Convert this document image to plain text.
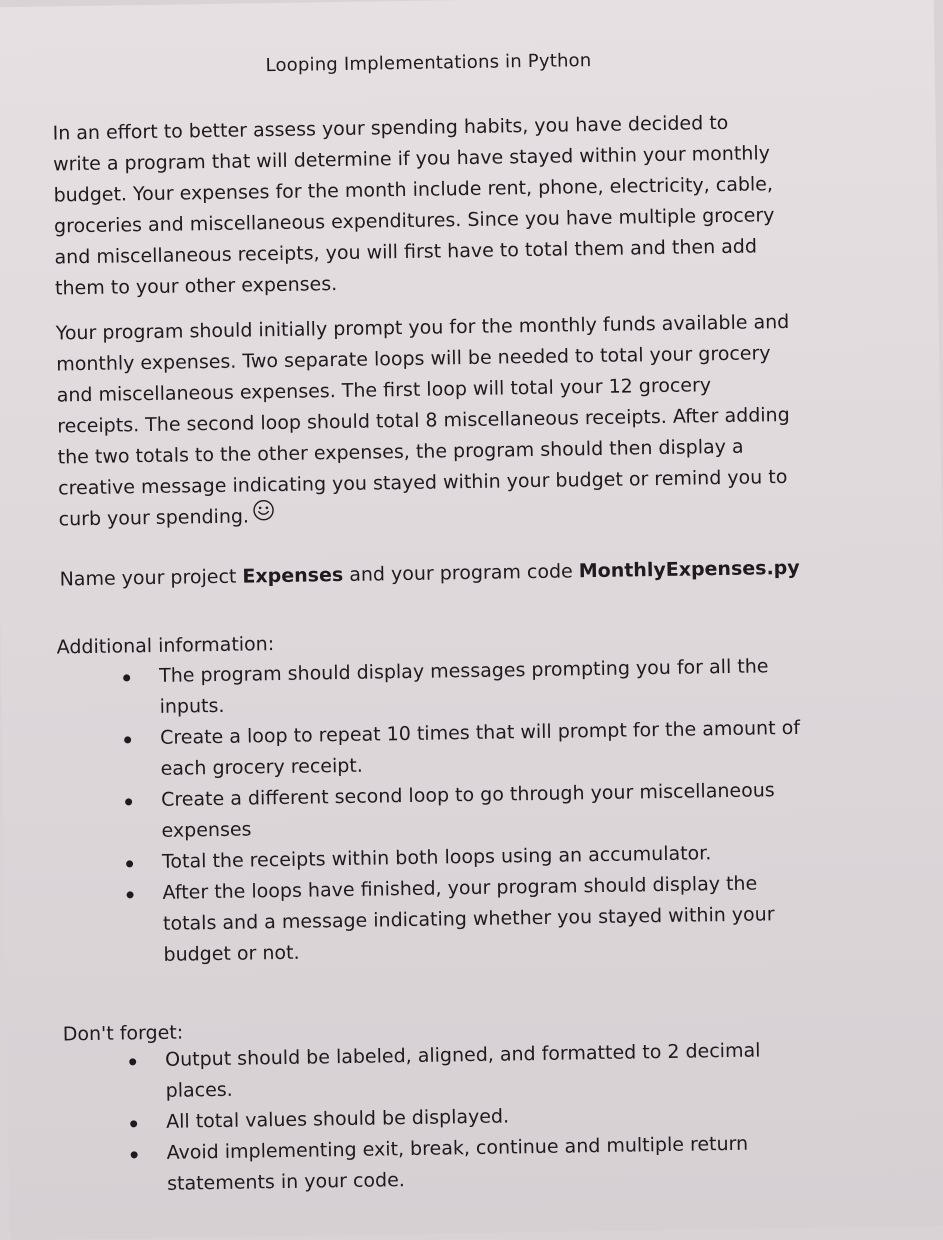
Looping Implementations in Python
In an effort to better assess your spending habits, you have decided to
write a program that will determine if you have stayed within your monthly
budget. Your expenses for the month include rent, phone, electricity, cable,
groceries and miscellaneous expenditures. Since you have multiple grocery
and miscellaneous receipts, you will first have to total them and then add
them to your other expenses.
Your program should initially prompt you for the monthly funds available and
monthly expenses. Two separate loops will be needed to total your grocery
and miscellaneous expenses. The first loop will total your 12 grocery
receipts. The second loop should total 8 miscellaneous receipts. After adding
the two totals to the other expenses, the program should then display a
creative message indicating you stayed within your budget or remind you to
curb your spending.
Name your project Expenses and your program code MonthlyExpenses.py
Additional information:
The program should display messages prompting you for all the
inputs.
Create a loop to repeat 10 times that will prompt for the amount of
each grocery receipt.
Create a different second loop to go through your miscellaneous
expenses
Total the receipts within both loops using an accumulator.
After the loops have finished, your program should display the
totals and a message indicating whether you stayed within your
budget or not.
Don't forget:
Output should be labeled, aligned, and formatted to 2 decimal
places.
All total values should be displayed.
Avoid implementing exit, break, continue and multiple return
statements in your code.
